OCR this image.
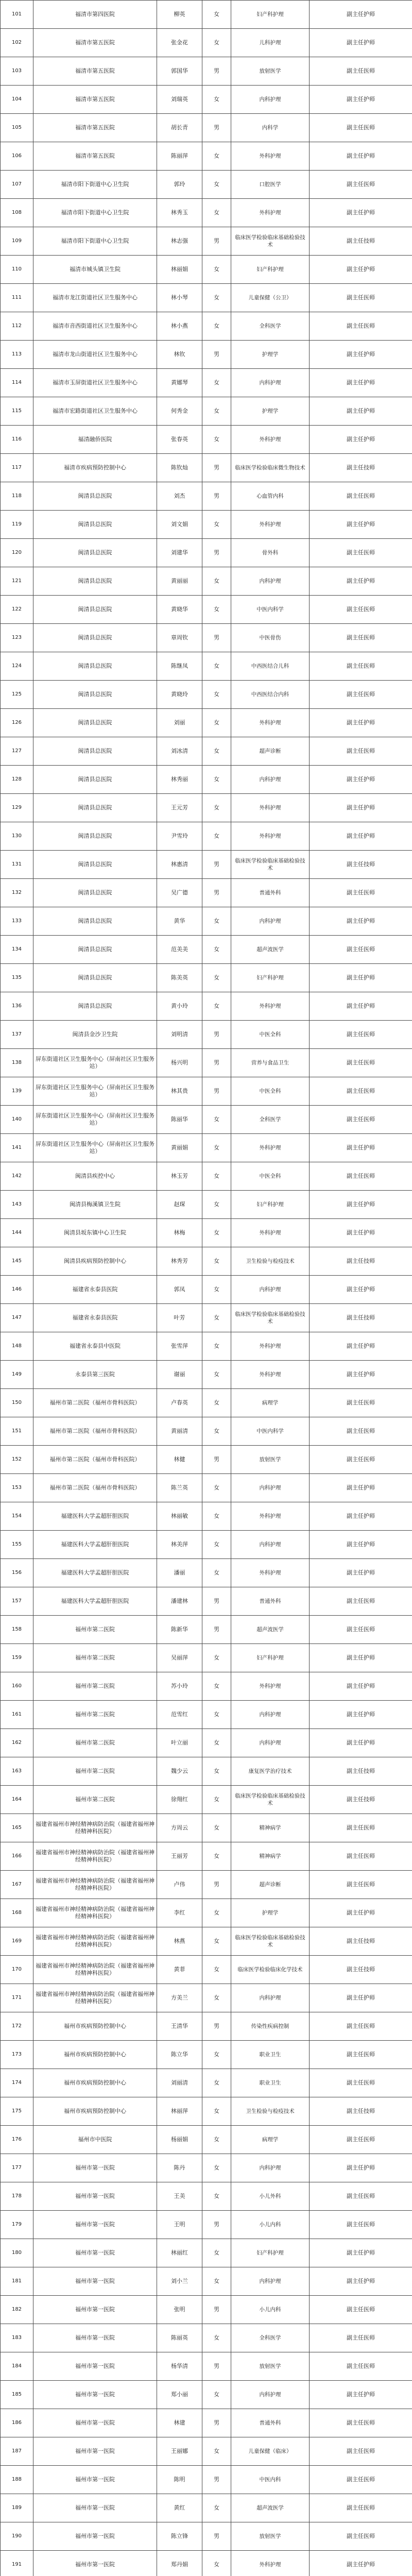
101	福清市第四医院	柳英	女	妇产科护理	副主任护师
102	福清市第五医院	张金花	女	儿科护理	副主任护师
103	福清市第五医院	郭国华	男	放射医学	副主任医师
104	福清市第五医院	刘瑞英	女	内科护理	副主任护师
105	福清市第五医院	胡长青	男	内科学	副主任医师
106	福清市第五医院	陈丽萍	女	外科护理	副主任护师
107	福清市阳下街道中心卫生院	郭玲	女	口腔医学	副主任医师
108	福清市阳下街道中心卫生院	林秀玉	女	外科护理	副主任护师
109	福清市阳下街道中心卫生院	林志强	男	临床医学检验临床基础检验技术	副主任技师
110	福清市城头镇卫生院	林丽娟	女	妇产科护理	副主任护师
111	福清市龙江街道社区卫生服务中心	林小琴	女	儿童保健（公卫）	副主任医师
112	福清市音西街道社区卫生服务中心	林小燕	女	全科医学	副主任医师
113	福清市龙山街道社区卫生服务中心	林钦	男	护理学	副主任护师
114	福清市玉屏街道社区卫生服务中心	黄娜琴	女	内科护理	副主任护师
115	福清市宏路街道社区卫生服务中心	何秀金	女	护理学	副主任护师
116	福清融侨医院	张春英	女	外科护理	副主任护师
117	福清市疾病预防控制中心	陈钦灿	男	临床医学检验临床微生物技术	副主任技师
118	闽清县总医院	刘杰	男	心血管内科	副主任医师
119	闽清县总医院	刘文娟	女	外科护理	副主任护师
120	闽清县总医院	刘建华	男	骨外科	副主任医师
121	闽清县总医院	黄丽丽	女	内科护理	副主任护师
122	闽清县总医院	黄晓华	女	中医内科学	副主任医师
123	闽清县总医院	章周钦	男	中医骨伤	副主任医师
124	闽清县总医院	陈继凤	女	中西医结合儿科	副主任医师
125	闽清县总医院	黄晓玲	女	中西医结合内科	副主任医师
126	闽清县总医院	刘丽	女	外科护理	副主任护师
127	闽清县总医院	刘冰清	女	超声诊断	副主任医师
128	闽清县总医院	林秀丽	女	内科护理	副主任护师
129	闽清县总医院	王元芳	女	外科护理	副主任护师
130	闽清县总医院	尹雪玲	女	外科护理	副主任护师
131	闽清县总医院	林惠清	男	临床医学检验临床基础检验技术	副主任技师
132	闽清县总医院	吴广德	男	普通外科	副主任医师
133	闽清县总医院	黄华	女	内科护理	副主任护师
134	闽清县总医院	范美美	女	超声波医学	副主任医师
135	闽清县总医院	陈美英	女	妇产科护理	副主任护师
136	闽清县总医院	黄小玲	女	外科护理	副主任护师
137	闽清县金沙卫生院	刘明清	男	中医全科	副主任医师
138	屏东街道社区卫生服务中心（屏南社区卫生服务站）	杨兴明	男	营养与食品卫生	副主任医师
139	屏东街道社区卫生服务中心（屏南社区卫生服务站）	林其贵	男	中医全科	副主任医师
140	屏东街道社区卫生服务中心（屏南社区卫生服务站）	陈丽华	女	全科医学	副主任医师
141	屏东街道社区卫生服务中心（屏南社区卫生服务站）	黄丽娟	女	外科护理	副主任护师
142	闽清县疾控中心	林玉芳	女	中医全科	副主任医师
143	闽清县梅溪镇卫生院	赵琛	女	妇产科护理	副主任护师
144	闽清县坂东镇中心卫生院	林梅	女	外科护理	副主任护师
145	闽清县疾病预防控制中心	林秀芳	女	卫生检验与检疫技术	副主任技师
146	福建省永泰县医院	郭凤	女	内科护理	副主任护师
147	福建省永泰县医院	叶芳	女	临床医学检验临床基础检验技术	副主任技师
148	福建省永泰县中医院	张雪萍	女	外科护理	副主任护师
149	永泰县第三医院	谢丽	女	外科护理	副主任护师
150	福州市第二医院（福州市骨科医院）	卢春英	女	病理学	副主任医师
151	福州市第二医院（福州市骨科医院）	黄丽清	女	中医内科学	副主任医师
152	福州市第二医院（福州市骨科医院）	林健	男	放射医学	副主任医师
153	福州市第二医院（福州市骨科医院）	陈兰英	女	内科护理	副主任护师
154	福建医科大学孟超肝胆医院	林丽敏	女	外科护理	副主任护师
155	福建医科大学孟超肝胆医院	林美萍	女	内科护理	副主任护师
156	福建医科大学孟超肝胆医院	潘丽	女	外科护理	副主任护师
157	福建医科大学孟超肝胆医院	潘建林	男	普通外科	副主任医师
158	福州市第二医院	陈新华	男	超声波医学	副主任医师
159	福州市第二医院	吴丽萍	女	妇产科护理	副主任护师
160	福州市第二医院	苏小玲	女	外科护理	副主任护师
161	福州市第二医院	范雪红	女	内科护理	副主任护师
162	福州市第二医院	叶立丽	女	内科护理	副主任护师
163	福州市第二医院	魏少云	女	康复医学治疗技术	副主任技师
164	福州市第二医院	徐翔红	女	临床医学检验临床基础检验技术	副主任技师
165	福建省福州市神经精神病防治院（福建省福州神经精神科医院）	方周云	女	精神病学	副主任医师
166	福建省福州市神经精神病防治院（福建省福州神经精神科医院）	王丽芳	女	精神病学	副主任医师
167	福建省福州市神经精神病防治院（福建省福州神经精神科医院）	卢伟	男	超声诊断	副主任医师
168	福建省福州市神经精神病防治院（福建省福州神经精神科医院）	李红	女	护理学	副主任护师
169	福建省福州市神经精神病防治院（福建省福州神经精神科医院）	林燕	女	临床医学检验临床基础检验技术	副主任技师
170	福建省福州市神经精神病防治院（福建省福州神经精神科医院）	黄菲	女	临床医学检验临床化学技术	副主任技师
171	福建省福州市神经精神病防治院（福建省福州神经精神科医院）	方美兰	女	内科护理	副主任护师
172	福州市疾病预防控制中心	王清华	男	传染性疾病控制	副主任医师
173	福州市疾病预防控制中心	陈立华	女	职业卫生	副主任医师
174	福州市疾病预防控制中心	刘丽清	女	职业卫生	副主任医师
175	福州市疾病预防控制中心	林丽萍	女	卫生检验与检疫技术	副主任技师
176	福州市中医院	杨丽娟	女	病理学	副主任医师
177	福州市第一医院	陈丹	女	内科护理	副主任护师
178	福州市第一医院	王美	女	小儿外科	副主任医师
179	福州市第一医院	王明	男	小儿内科	副主任医师
180	福州市第一医院	林丽红	女	妇产科护理	副主任护师
181	福州市第一医院	刘小兰	女	内科护理	副主任护师
182	福州市第一医院	张明	男	小儿内科	副主任医师
183	福州市第一医院	陈丽英	女	全科医学	副主任医师
184	福州市第一医院	杨华清	男	放射医学	副主任医师
185	福州市第一医院	郑小丽	女	内科护理	副主任护师
186	福州市第一医院	林建	男	普通外科	副主任医师
187	福州市第一医院	王丽娜	女	儿童保健（临床）	副主任医师
188	福州市第一医院	陈明	男	中医内科	副主任医师
189	福州市第一医院	黄红	女	超声波医学	副主任医师
190	福州市第一医院	陈立锋	男	放射医学	副主任医师
191	福州市第一医院	郑丹娟	女	外科护理	副主任护师
